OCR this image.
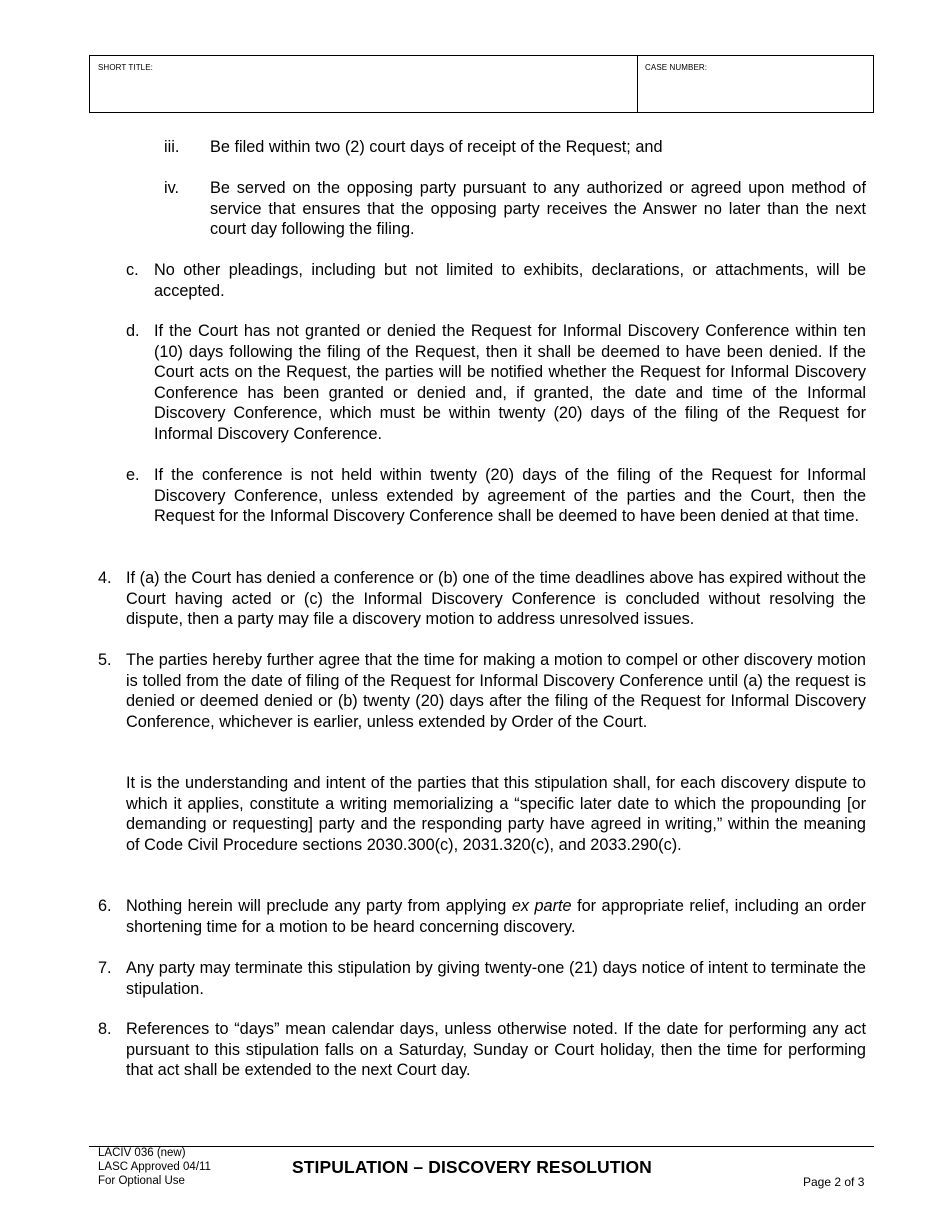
SHORT TITLE:	CASE NUMBER:
iii. Be filed within two (2) court days of receipt of the Request; and
iv. Be served on the opposing party pursuant to any authorized or agreed upon method of service that ensures that the opposing party receives the Answer no later than the next court day following the filing.
c. No other pleadings, including but not limited to exhibits, declarations, or attachments, will be accepted.
d. If the Court has not granted or denied the Request for Informal Discovery Conference within ten (10) days following the filing of the Request, then it shall be deemed to have been denied. If the Court acts on the Request, the parties will be notified whether the Request for Informal Discovery Conference has been granted or denied and, if granted, the date and time of the Informal Discovery Conference, which must be within twenty (20) days of the filing of the Request for Informal Discovery Conference.
e. If the conference is not held within twenty (20) days of the filing of the Request for Informal Discovery Conference, unless extended by agreement of the parties and the Court, then the Request for the Informal Discovery Conference shall be deemed to have been denied at that time.
4. If (a) the Court has denied a conference or (b) one of the time deadlines above has expired without the Court having acted or (c) the Informal Discovery Conference is concluded without resolving the dispute, then a party may file a discovery motion to address unresolved issues.
5. The parties hereby further agree that the time for making a motion to compel or other discovery motion is tolled from the date of filing of the Request for Informal Discovery Conference until (a) the request is denied or deemed denied or (b) twenty (20) days after the filing of the Request for Informal Discovery Conference, whichever is earlier, unless extended by Order of the Court.
It is the understanding and intent of the parties that this stipulation shall, for each discovery dispute to which it applies, constitute a writing memorializing a “specific later date to which the propounding [or demanding or requesting] party and the responding party have agreed in writing,” within the meaning of Code Civil Procedure sections 2030.300(c), 2031.320(c), and 2033.290(c).
6. Nothing herein will preclude any party from applying ex parte for appropriate relief, including an order shortening time for a motion to be heard concerning discovery.
7. Any party may terminate this stipulation by giving twenty-one (21) days notice of intent to terminate the stipulation.
8. References to “days” mean calendar days, unless otherwise noted. If the date for performing any act pursuant to this stipulation falls on a Saturday, Sunday or Court holiday, then the time for performing that act shall be extended to the next Court day.
LACIV 036 (new)
LASC Approved 04/11
For Optional Use
STIPULATION – DISCOVERY RESOLUTION
Page 2 of 3
